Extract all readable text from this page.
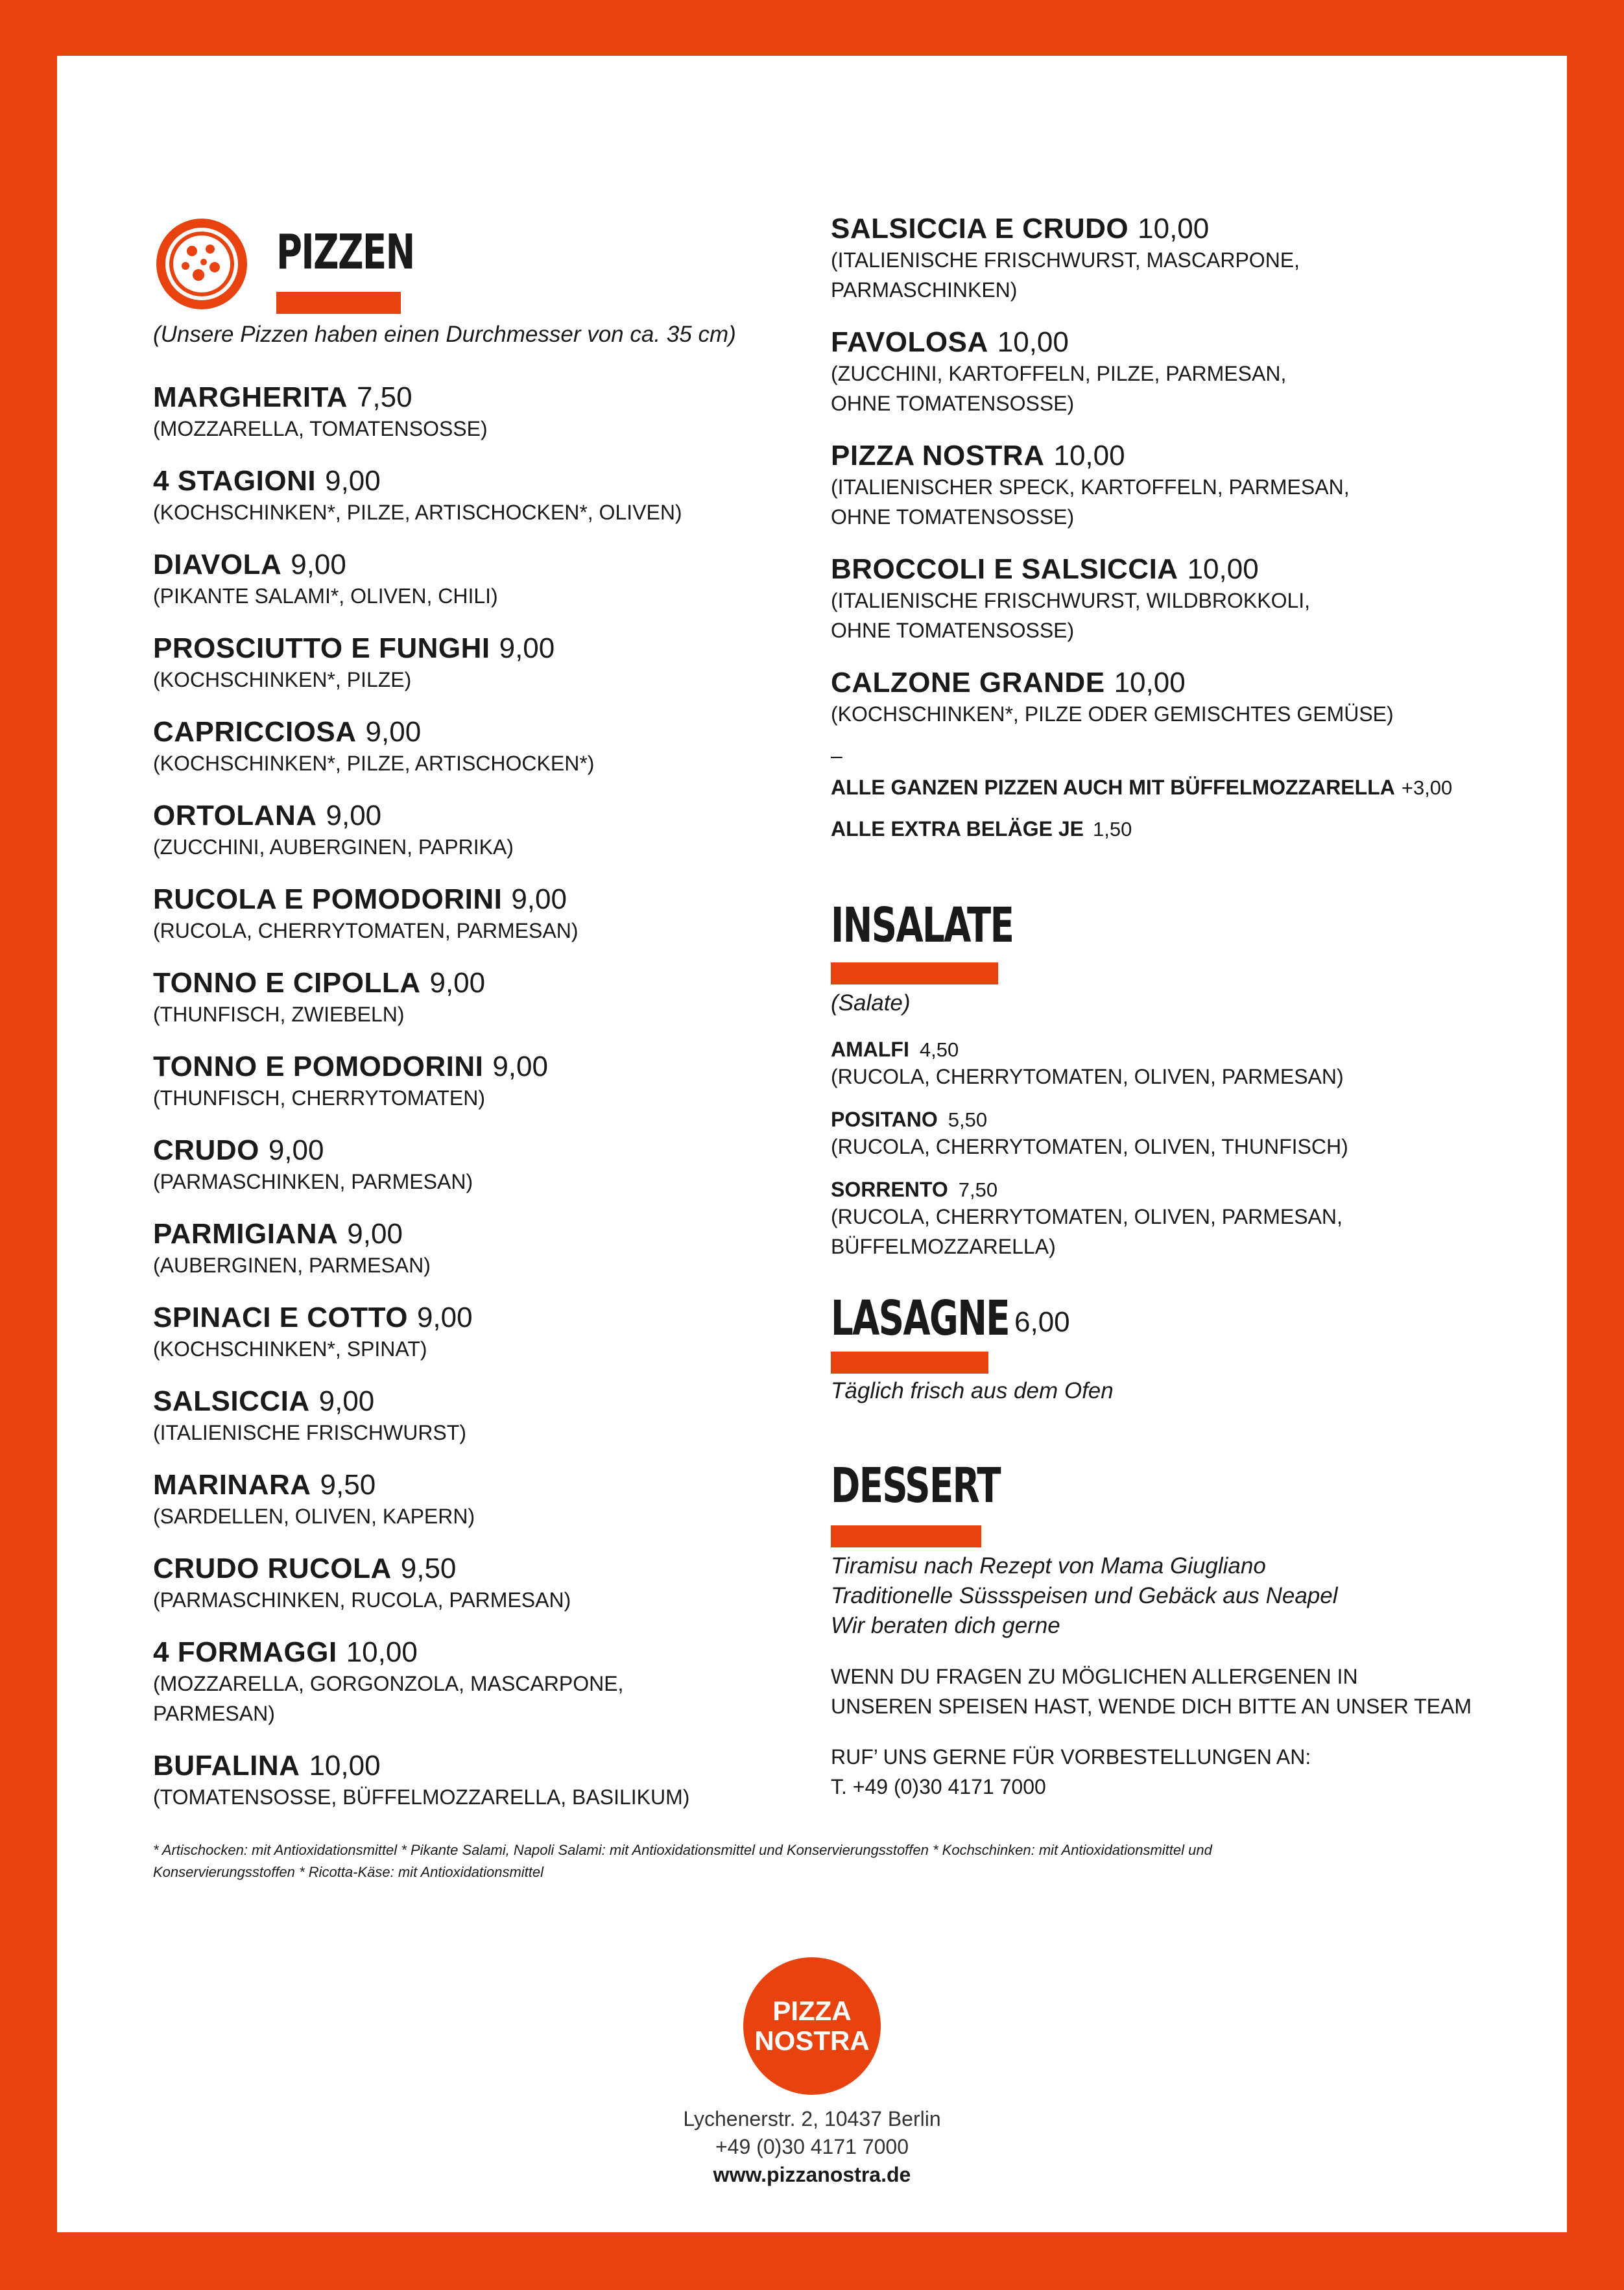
PIZZEN

(Unsere Pizzen haben einen Durchmesser von ca. 35 cm)

MARGHERITA 7,50
(MOZZARELLA, TOMATENSOSSE)
4 STAGIONI 9,00
(KOCHSCHINKEN*, PILZE, ARTISCHOCKEN*, OLIVEN)
DIAVOLA 9,00
(PIKANTE SALAMI*, OLIVEN, CHILI)
PROSCIUTTO E FUNGHI 9,00
(KOCHSCHINKEN*, PILZE)
CAPRICCIOSA 9,00
(KOCHSCHINKEN*, PILZE, ARTISCHOCKEN*)
ORTOLANA 9,00
(ZUCCHINI, AUBERGINEN, PAPRIKA)
RUCOLA E POMODORINI 9,00
(RUCOLA, CHERRYTOMATEN, PARMESAN)
TONNO E CIPOLLA 9,00
(THUNFISCH, ZWIEBELN)
TONNO E POMODORINI 9,00
(THUNFISCH, CHERRYTOMATEN)
CRUDO 9,00
(PARMASCHINKEN, PARMESAN)
PARMIGIANA 9,00
(AUBERGINEN, PARMESAN)
SPINACI E COTTO 9,00
(KOCHSCHINKEN*, SPINAT)
SALSICCIA 9,00
(ITALIENISCHE FRISCHWURST)
MARINARA 9,50
(SARDELLEN, OLIVEN, KAPERN)
CRUDO RUCOLA 9,50
(PARMASCHINKEN, RUCOLA, PARMESAN)
4 FORMAGGI 10,00
(MOZZARELLA, GORGONZOLA, MASCARPONE, PARMESAN)
BUFALINA 10,00
(TOMATENSOSSE, BÜFFELMOZZARELLA, BASILIKUM)
SALSICCIA E CRUDO 10,00
(ITALIENISCHE FRISCHWURST, MASCARPONE, PARMASCHINKEN)
FAVOLOSA 10,00
(ZUCCHINI, KARTOFFELN, PILZE, PARMESAN, OHNE TOMATENSOSSE)
PIZZA NOSTRA 10,00
(ITALIENISCHER SPECK, KARTOFFELN, PARMESAN, OHNE TOMATENSOSSE)
BROCCOLI E SALSICCIA 10,00
(ITALIENISCHE FRISCHWURST, WILDBROKKOLI, OHNE TOMATENSOSSE)
CALZONE GRANDE 10,00
(KOCHSCHINKEN*, PILZE ODER GEMISCHTES GEMÜSE)
–
ALLE GANZEN PIZZEN AUCH MIT BÜFFELMOZZARELLA +3,00
ALLE EXTRA BELÄGE JE 1,50
INSALATE
(Salate)
AMALFI 4,50
(RUCOLA, CHERRYTOMATEN, OLIVEN, PARMESAN)
POSITANO 5,50
(RUCOLA, CHERRYTOMATEN, OLIVEN, THUNFISCH)
SORRENTO 7,50
(RUCOLA, CHERRYTOMATEN, OLIVEN, PARMESAN, BÜFFELMOZZARELLA)
LASAGNE 6,00
Täglich frisch aus dem Ofen
DESSERT
Tiramisu nach Rezept von Mama Giugliano
Traditionelle Süssspeisen und Gebäck aus Neapel
Wir beraten dich gerne
WENN DU FRAGEN ZU MÖGLICHEN ALLERGENEN IN
UNSEREN SPEISEN HAST, WENDE DICH BITTE AN UNSER TEAM
RUF’ UNS GERNE FÜR VORBESTELLUNGEN AN:
T. +49 (0)30 4171 7000
* Artischocken: mit Antioxidationsmittel * Pikante Salami, Napoli Salami: mit Antioxidationsmittel und Konservierungsstoffen * Kochschinken: mit Antioxidationsmittel und
Konservierungsstoffen * Ricotta-Käse: mit Antioxidationsmittel
PIZZA
NOSTRA
Lychenerstr. 2, 10437 Berlin
+49 (0)30 4171 7000
www.pizzanostra.de
